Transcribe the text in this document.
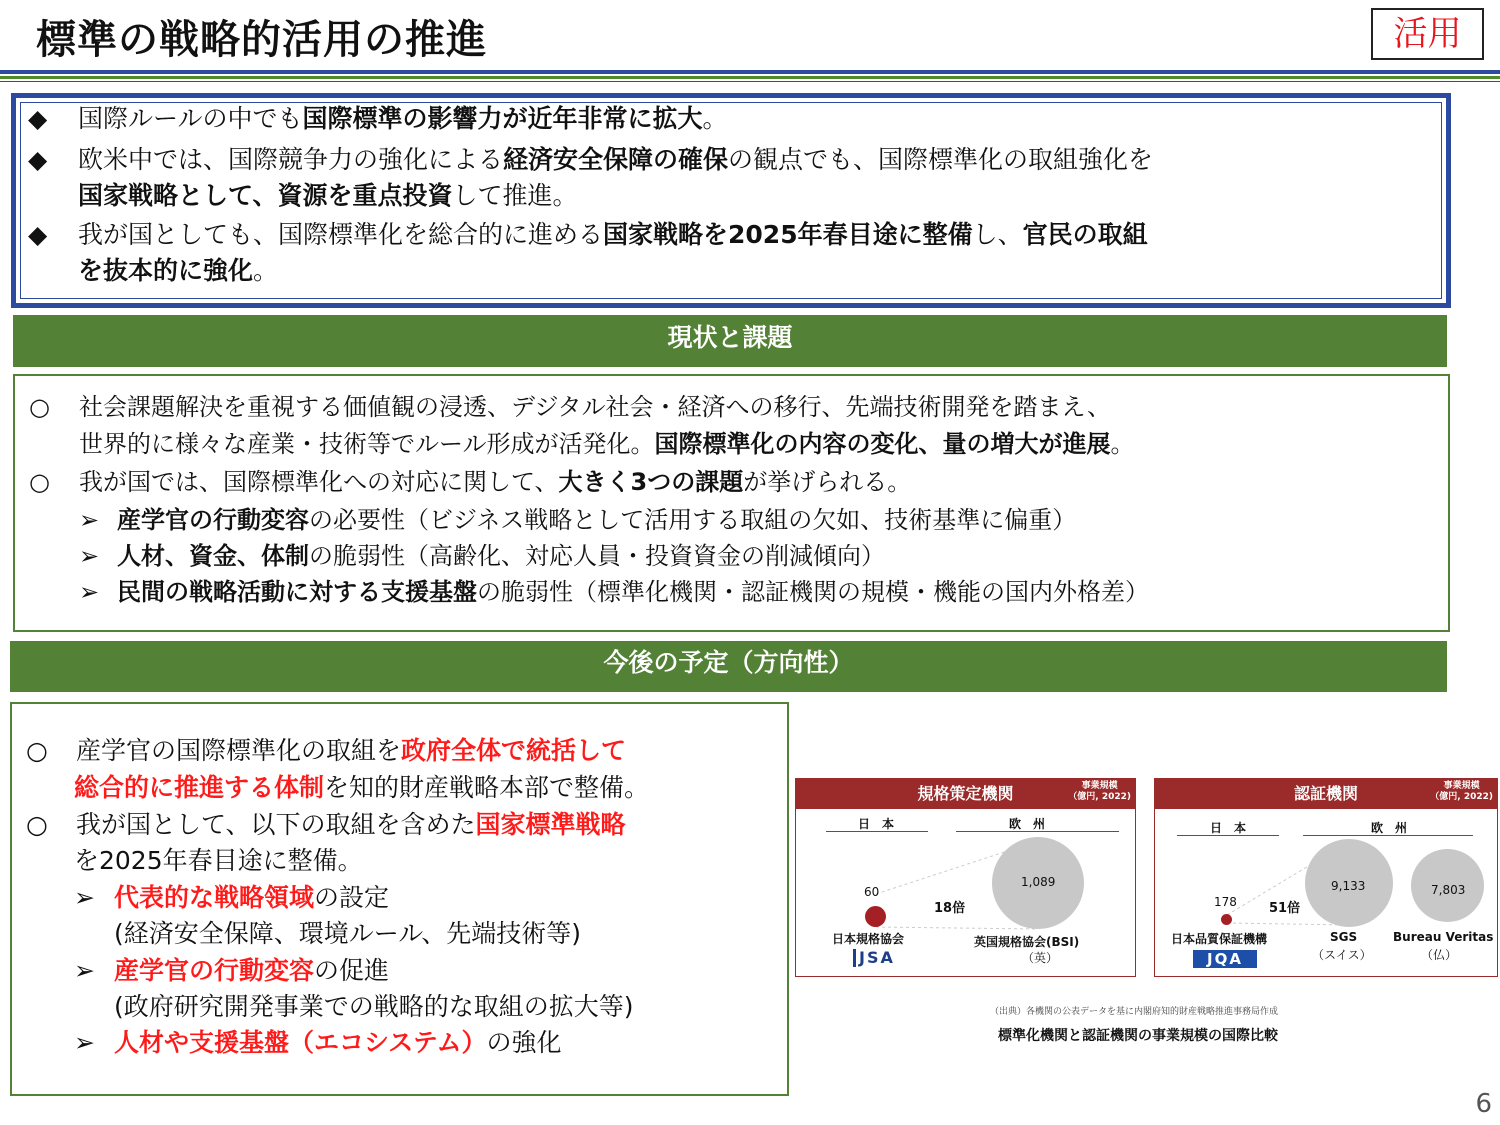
標準の戦略的活用の推進	活用
◆ 国際ルールの中でも国際標準の影響力が近年非常に拡大。
◆ 欧米中では、国際競争力の強化による経済安全保障の確保の観点でも、国際標準化の取組強化を
国家戦略として、資源を重点投資して推進。
◆ 我が国としても、国際標準化を総合的に進める国家戦略を2025年春目途に整備し、官民の取組
を抜本的に強化。
現状と課題
○ 社会課題解決を重視する価値観の浸透、デジタル社会・経済への移行、先端技術開発を踏まえ、
世界的に様々な産業・技術等でルール形成が活発化。国際標準化の内容の変化、量の増大が進展。
○ 我が国では、国際標準化への対応に関して、大きく3つの課題が挙げられる。
➢ 産学官の行動変容の必要性（ビジネス戦略として活用する取組の欠如、技術基準に偏重）
➢ 人材、資金、体制の脆弱性（高齢化、対応人員・投資資金の削減傾向）
➢ 民間の戦略活動に対する支援基盤の脆弱性（標準化機関・認証機関の規模・機能の国内外格差）
今後の予定（方向性）
○ 産学官の国際標準化の取組を政府全体で統括して
総合的に推進する体制を知的財産戦略本部で整備。
○ 我が国として、以下の取組を含めた国家標準戦略
を2025年春目途に整備。
➢ 代表的な戦略領域の設定
(経済安全保障、環境ルール、先端技術等)
➢ 産学官の行動変容の促進
(政府研究開発事業での戦略的な取組の拡大等)
➢ 人材や支援基盤（エコシステム）の強化
規格策定機関	事業規模
（億円, 2022)
日　本	欧　州
1,089
60
18倍
日本規格協会	英国規格協会(BSI)
（英）
JSA
認証機関	事業規模
（億円, 2022)
日　本	欧　州
9,133	7,803
178 51倍
日本品質保証機構	SGS
（スイス）
Bureau Veritas
（仏）
JQA
（出典）各機関の公表データを基に内閣府知的財産戦略推進事務局作成
標準化機関と認証機関の事業規模の国際比較
6
